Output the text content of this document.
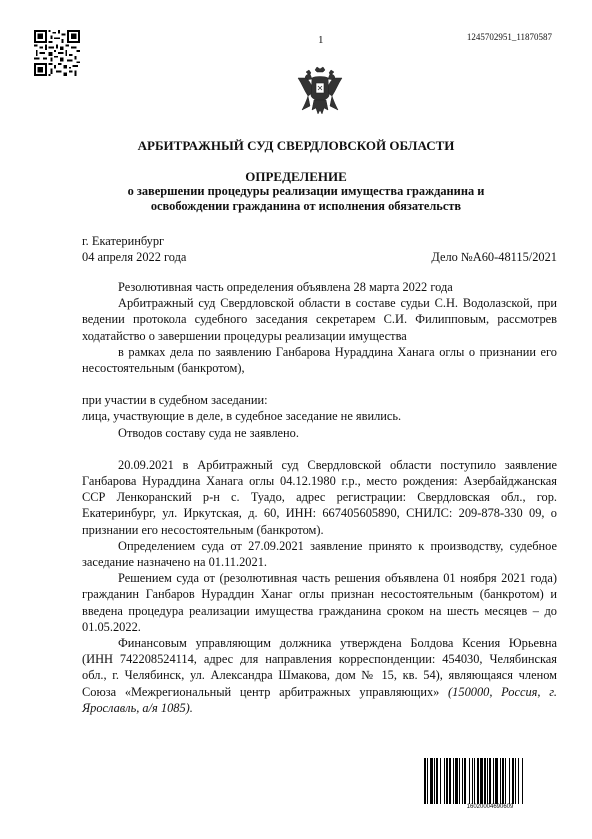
1	1245702951_11870587
АРБИТРАЖНЫЙ СУД СВЕРДЛОВСКОЙ ОБЛАСТИ
ОПРЕДЕЛЕНИЕ
о завершении процедуры реализации имущества гражданина и освобождении гражданина от исполнения обязательств
г. Екатеринбург
04 апреля 2022 года	Дело №А60-48115/2021

Резолютивная часть определения объявлена 28 марта 2022 года

Арбитражный суд Свердловской области в составе судьи С.Н. Водолазской, при ведении протокола судебного заседания секретарем С.И. Филипповым, рассмотрев ходатайство о завершении процедуры реализации имущества

в рамках дела по заявлению Ганбарова Нураддина Ханага оглы о признании его несостоятельным (банкротом),

при участии в судебном заседании:

лица, участвующие в деле, в судебное заседание не явились.

Отводов составу суда не заявлено.

20.09.2021 в Арбитражный суд Свердловской области поступило заявление Ганбарова Нураддина Ханага оглы 04.12.1980 г.р., место рождения: Азербайджанская ССР Ленкоранский р-н с. Туадо, адрес регистрации: Свердловская обл., гор. Екатеринбург, ул. Иркутская, д. 60, ИНН: 667405605890, СНИЛС: 209-878-330 09, о признании его несостоятельным (банкротом).

Определением суда от 27.09.2021 заявление принято к производству, судебное заседание назначено на 01.11.2021.

Решением суда от (резолютивная часть решения объявлена 01 ноября 2021 года) гражданин Ганбаров Нураддин Ханаг оглы признан несостоятельным (банкротом) и введена процедура реализации имущества гражданина сроком на шесть месяцев – до 01.05.2022.

Финансовым управляющим должника утверждена Болдова Ксения Юрьевна (ИНН 742208524114, адрес для направления корреспонденции: 454030, Челябинская обл., г. Челябинск, ул. Александра Шмакова, дом № 15, кв. 54), являющаяся членом Союза «Межрегиональный центр арбитражных управляющих» (150000, Россия, г. Ярославль, а/я 1085).

16020004690609
